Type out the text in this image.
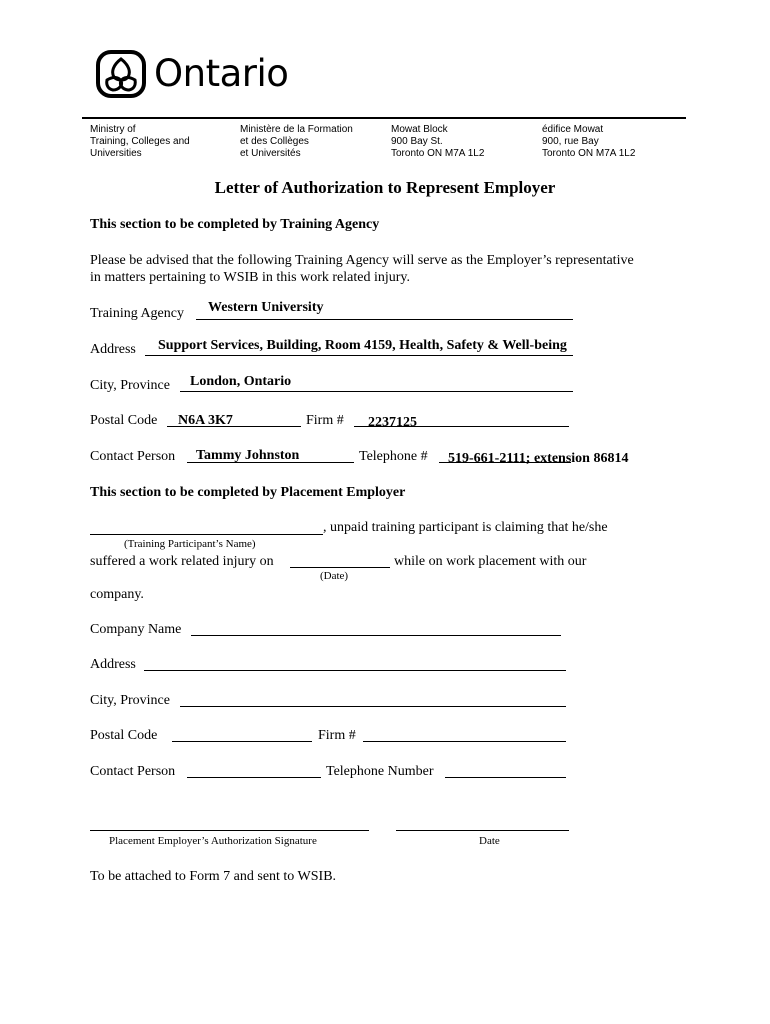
Ontario
Ministry of
Training, Colleges and
Universities
Ministère de la Formation
et des Collèges
et Universités
Mowat Block
900 Bay St.
Toronto ON M7A 1L2
édifice Mowat
900, rue Bay
Toronto ON M7A 1L2
Letter of Authorization to Represent Employer
This section to be completed by Training Agency
Please be advised that the following Training Agency will serve as the Employer’s representative
in matters pertaining to WSIB in this work related injury.
Training Agency Western University
Address Support Services, Building, Room 4159, Health, Safety & Well-being
City, Province London, Ontario
Postal Code N6A 3K7	Firm # 2237125
Contact Person Tammy Johnston	Telephone # 519-661-2111; extension 86814
This section to be completed by Placement Employer
, unpaid training participant is claiming that he/she
(Training Participant’s Name)
suffered a work related injury on	while on work placement with our
(Date)
company.
Company Name
Address
City, Province
Postal Code	Firm #
Contact Person	Telephone Number
Placement Employer’s Authorization Signature	Date
To be attached to Form 7 and sent to WSIB.
